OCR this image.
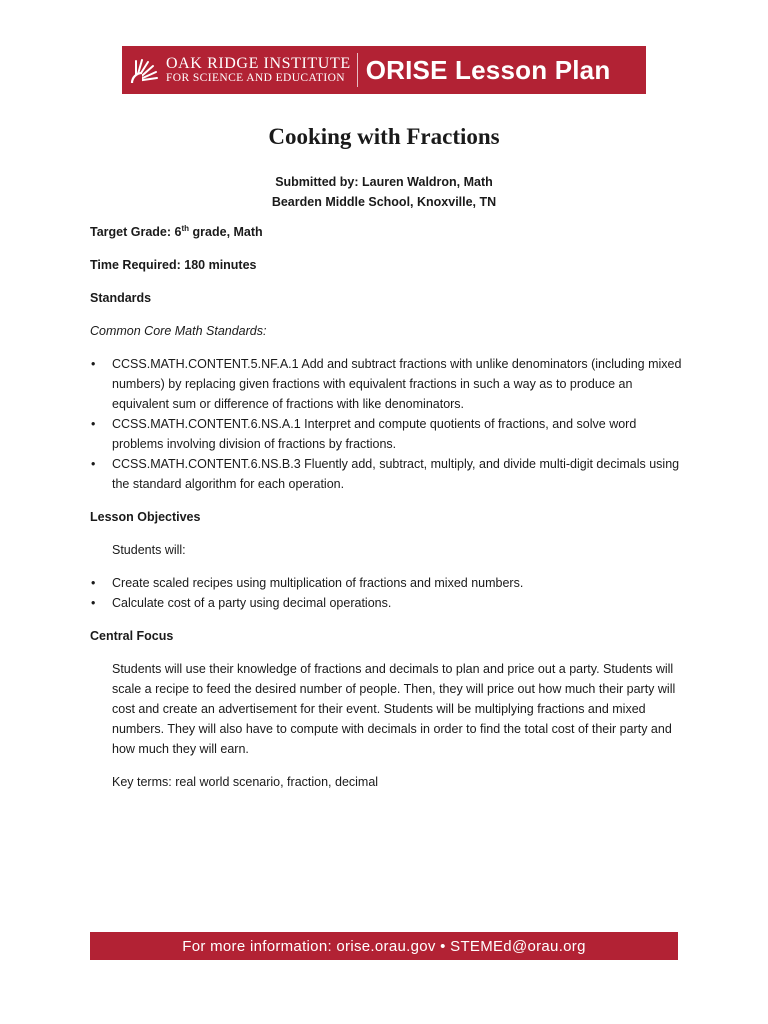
OAK RIDGE INSTITUTE
FOR SCIENCE AND EDUCATION ORISE Lesson Plan
Cooking with Fractions
Submitted by: Lauren Waldron, Math
Bearden Middle School, Knoxville, TN

Target Grade: 6th grade, Math

Time Required: 180 minutes

Standards

Common Core Math Standards:

• CCSS.MATH.CONTENT.5.NF.A.1 Add and subtract fractions with unlike denominators (including mixed numbers) by replacing given fractions with equivalent fractions in such a way as to produce an equivalent sum or difference of fractions with like denominators.
• CCSS.MATH.CONTENT.6.NS.A.1 Interpret and compute quotients of fractions, and solve word problems involving division of fractions by fractions.
• CCSS.MATH.CONTENT.6.NS.B.3 Fluently add, subtract, multiply, and divide multi-digit decimals using the standard algorithm for each operation.

Lesson Objectives

Students will:

• Create scaled recipes using multiplication of fractions and mixed numbers.
• Calculate cost of a party using decimal operations.

Central Focus

Students will use their knowledge of fractions and decimals to plan and price out a party. Students will scale a recipe to feed the desired number of people. Then, they will price out how much their party will cost and create an advertisement for their event. Students will be multiplying fractions and mixed numbers. They will also have to compute with decimals in order to find the total cost of their party and how much they will earn.

Key terms: real world scenario, fraction, decimal

For more information: orise.orau.gov • STEMEd@orau.org
